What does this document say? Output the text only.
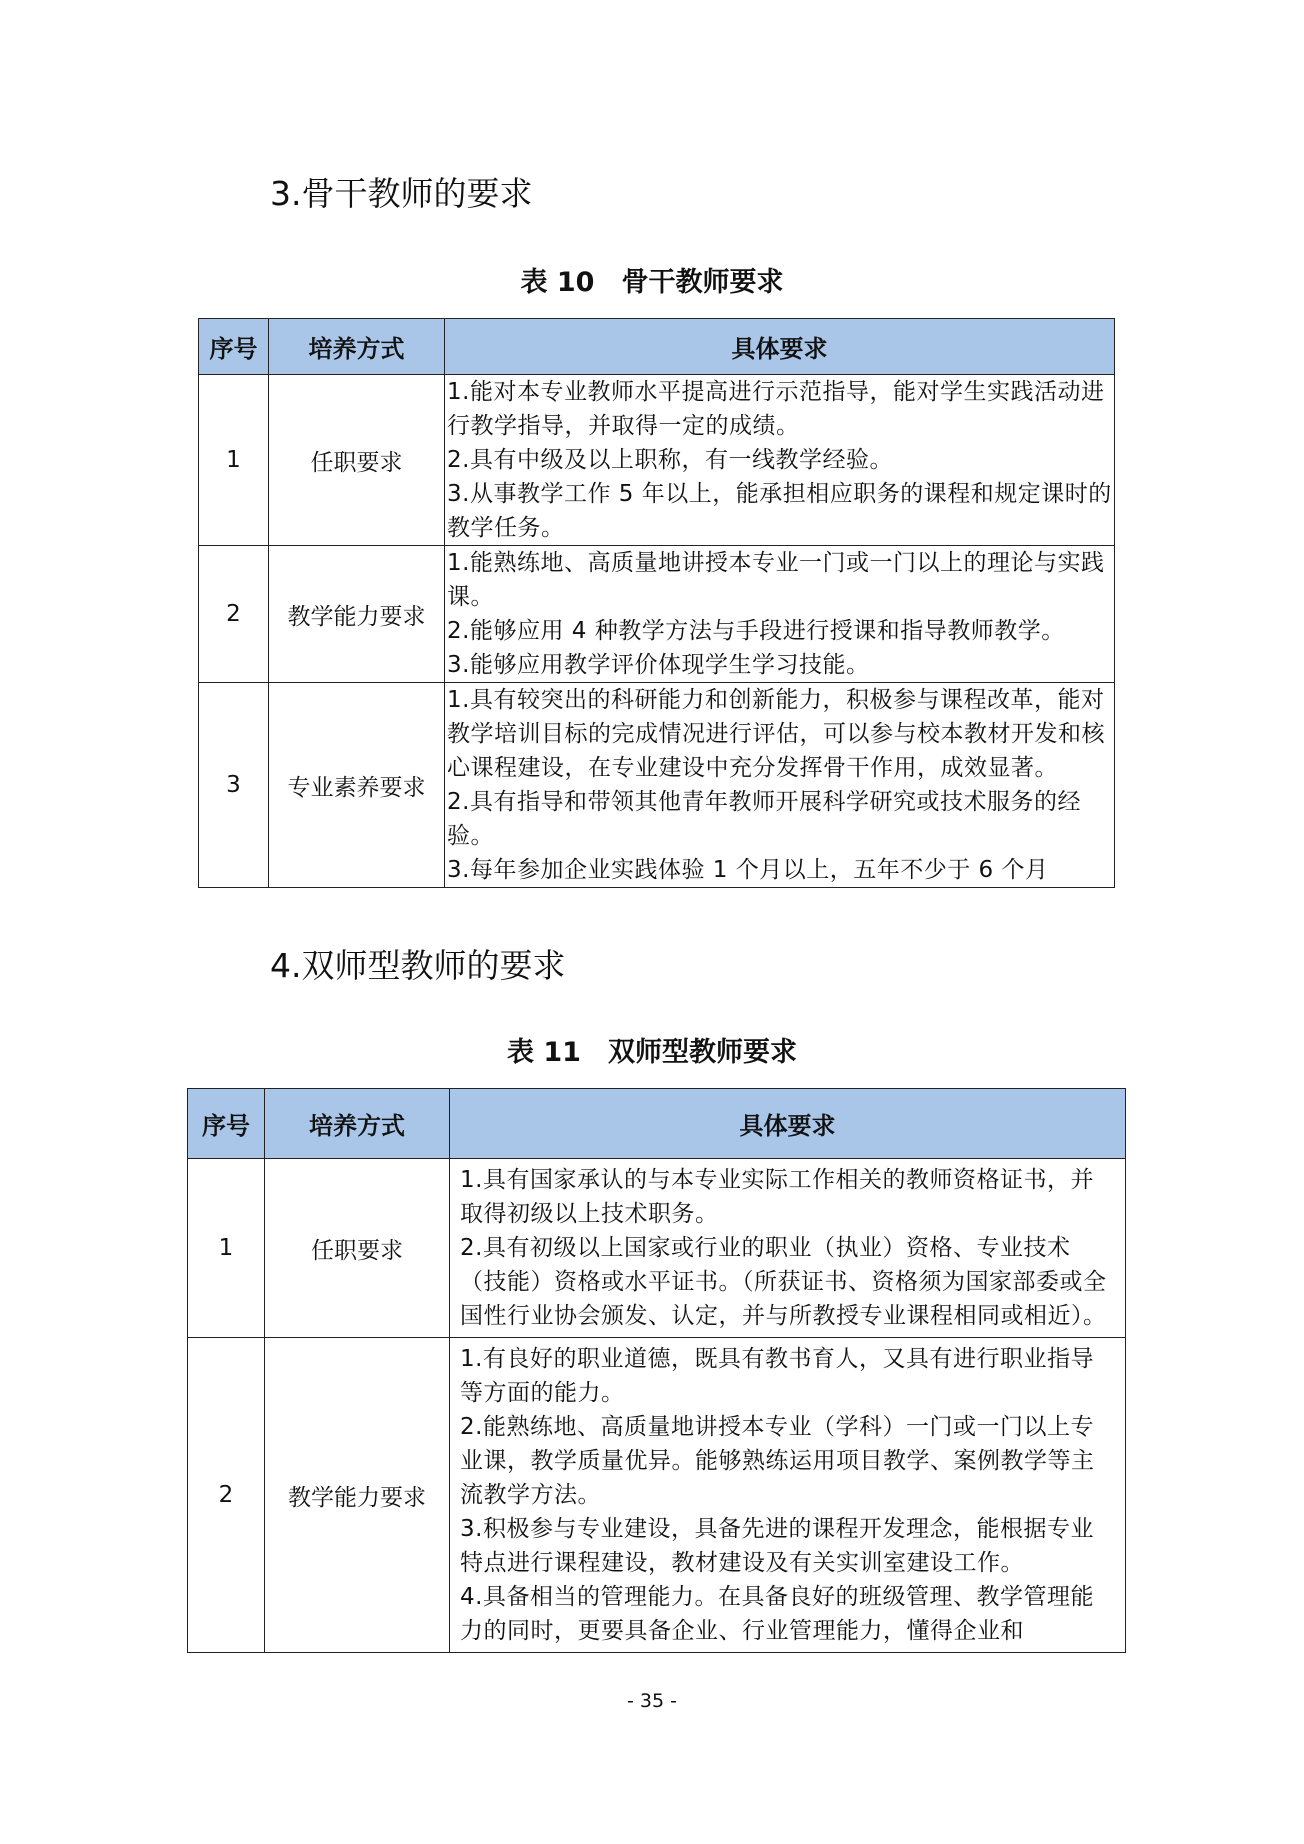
3.骨干教师的要求
表 10　骨干教师要求
序号	培养方式	具体要求
1	任职要求	1.能对本专业教师水平提高进行示范指导，能对学生实践活动进行教学指导，并取得一定的成绩。

2.具有中级及以上职称，有一线教学经验。

3.从事教学工作 5 年以上，能承担相应职务的课程和规定课时的教学任务。

2	教学能力要求	1.能熟练地、高质量地讲授本专业一门或一门以上的理论与实践课。

2.能够应用 4 种教学方法与手段进行授课和指导教师教学。

3.能够应用教学评价体现学生学习技能。

3	专业素养要求	1.具有较突出的科研能力和创新能力，积极参与课程改革，能对教学培训目标的完成情况进行评估，可以参与校本教材开发和核心课程建设，在专业建设中充分发挥骨干作用，成效显著。

2.具有指导和带领其他青年教师开展科学研究或技术服务的经验。

3.每年参加企业实践体验 1 个月以上，五年不少于 6 个月

4.双师型教师的要求
表 11　双师型教师要求
序号	培养方式	具体要求
1	任职要求	1.具有国家承认的与本专业实际工作相关的教师资格证书，并取得初级以上技术职务。

2.具有初级以上国家或行业的职业（执业）资格、专业技术（技能）资格或水平证书。（所获证书、资格须为国家部委或全国性行业协会颁发、认定，并与所教授专业课程相同或相近）。

2	教学能力要求	1.有良好的职业道德，既具有教书育人，又具有进行职业指导等方面的能力。

2.能熟练地、高质量地讲授本专业（学科）一门或一门以上专业课，教学质量优异。能够熟练运用项目教学、案例教学等主流教学方法。

3.积极参与专业建设，具备先进的课程开发理念，能根据专业特点进行课程建设，教材建设及有关实训室建设工作。

4.具备相当的管理能力。在具备良好的班级管理、教学管理能力的同时，更要具备企业、行业管理能力，懂得企业和

- 35 -
